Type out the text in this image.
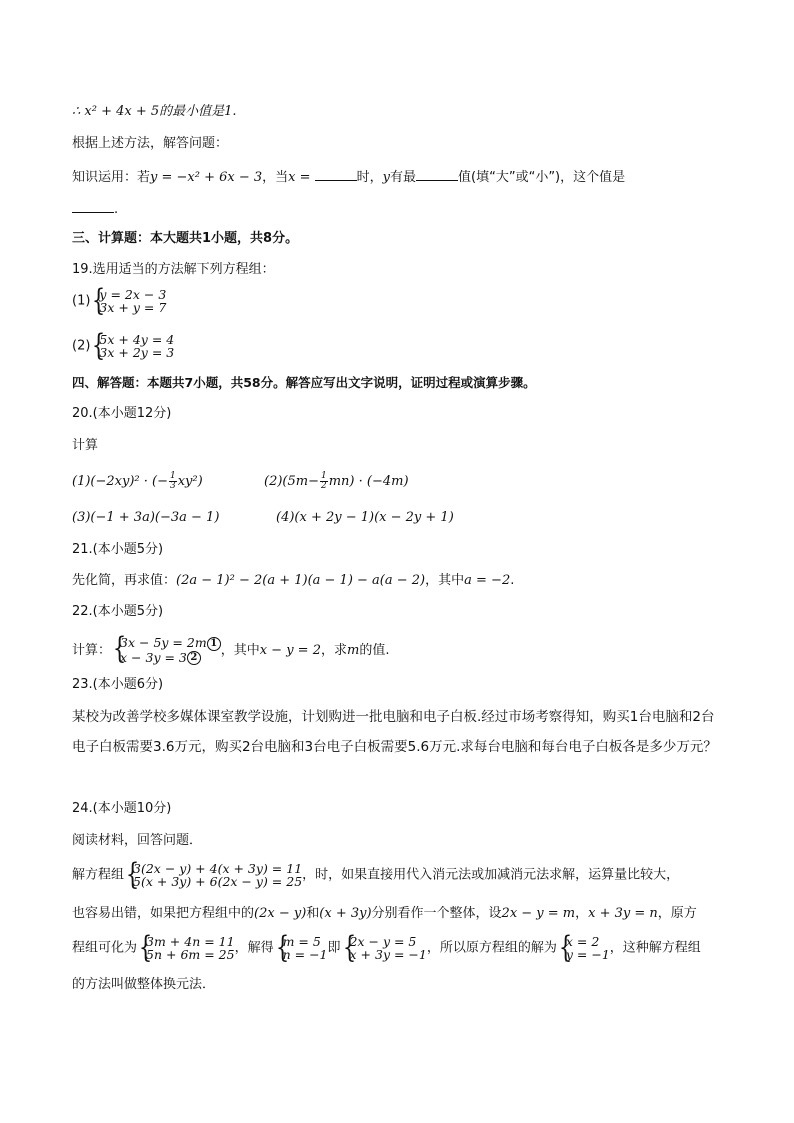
∴ x² + 4x + 5的最小值是1.
根据上述方法，解答问题：
知识运用：若y = −x² + 6x − 3，当x =	时，y有最	值(填“大”或“小”)，这个值是
.
三、计算题：本大题共1小题，共8分。
19.选用适当的方法解下列方程组：
(1) { y = 2x − 3
3x + y = 7
(2) { 5x + 4y = 4
3x + 2y = 3
四、解答题：本题共7小题，共58分。解答应写出文字说明，证明过程或演算步骤。
20.(本小题12分)
计算
(1)(−2xy)² · (− $\frac{1}{3} xy^2$)	$(2)(5m- \frac{1}{2} mn) \cdot (-4m)$
(3)(−1 + 3a)(−3a − 1)	(4)(x + 2y − 1)(x − 2y + 1)
21.(本小题5分)
先化简，再求值：(2a − 1)² − 2(a + 1)(a − 1) − a(a − 2)，其中a = −2.
22.(本小题5分)
计算：
{ 3x − 5y = 2m 1
x − 3y = 3 2	，其中x − y = 2，求m的值.
23.(本小题6分)
某校为改善学校多媒体课室教学设施，计划购进一批电脑和电子白板.经过市场考察得知，购买1台电脑和2台电子白板需要3.6万元，购买2台电脑和3台电子白板需要5.6万元.求每台电脑和每台电子白板各是多少万元？
24.(本小题10分)
阅读材料，回答问题．
解方程组 { 3(2x − y) + 4(x + 3y) = 11
5(x + 3y) + 6(2x − y) = 25 ，时，如果直接用代入消元法或加减消元法求解，运算量比较大，
也容易出错，如果把方程组中的(2x − y)和(x + 3y)分别看作一个整体，设2x − y = m，x + 3y = n，原方
程组可化为 { 3m + 4n = 11
5n + 6m = 25 ，解得 { m = 5
n = −1 即 { 2x − y = 5
x + 3y = −1 ，所以原方程组的解为 { x = 2
y = −1 ，这种解方程组
的方法叫做整体换元法．
